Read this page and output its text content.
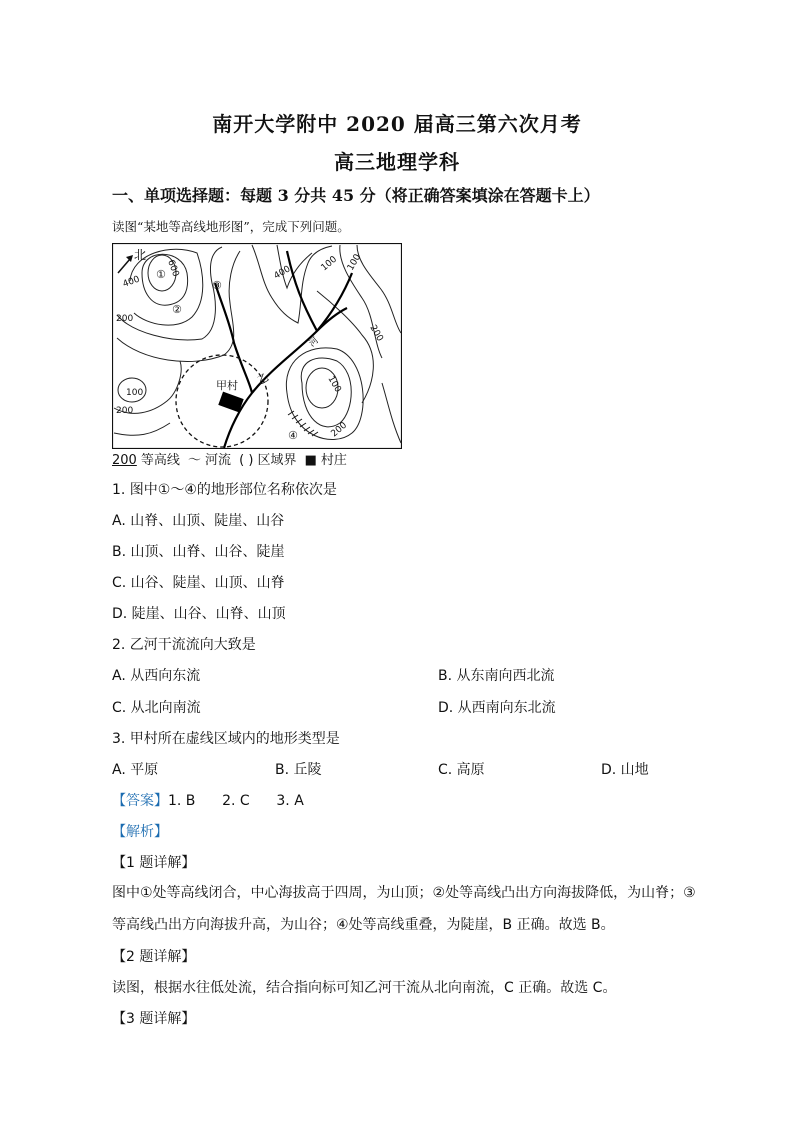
南开大学附中 2020 届高三第六次月考
高三地理学科
一、单项选择题：每题 3 分共 45 分（将正确答案填涂在答题卡上）
读图“某地等高线地形图”，完成下列问题。
北
①
②
③
④
600
400
400
200
100 100
100	100
200
200
200
甲村 乙
河
200 等高线 〜 河流 ( ) 区域界 ■ 村庄
1. 图中①～④的地形部位名称依次是
A. 山脊、山顶、陡崖、山谷
B. 山顶、山脊、山谷、陡崖
C. 山谷、陡崖、山顶、山脊
D. 陡崖、山谷、山脊、山顶
2. 乙河干流流向大致是
A. 从西向东流	B. 从东南向西北流
C. 从北向南流	D. 从西南向东北流
3. 甲村所在虚线区域内的地形类型是
A. 平原	B. 丘陵	C. 高原	D. 山地
【答案】1. B      2. C      3. A
【解析】
【1 题详解】
图中①处等高线闭合，中心海拔高于四周，为山顶；②处等高线凸出方向海拔降低，为山脊；③等高线凸出方向海拔升高，为山谷；④处等高线重叠，为陡崖，B 正确。故选 B。
【2 题详解】
读图，根据水往低处流，结合指向标可知乙河干流从北向南流，C 正确。故选 C。
【3 题详解】
